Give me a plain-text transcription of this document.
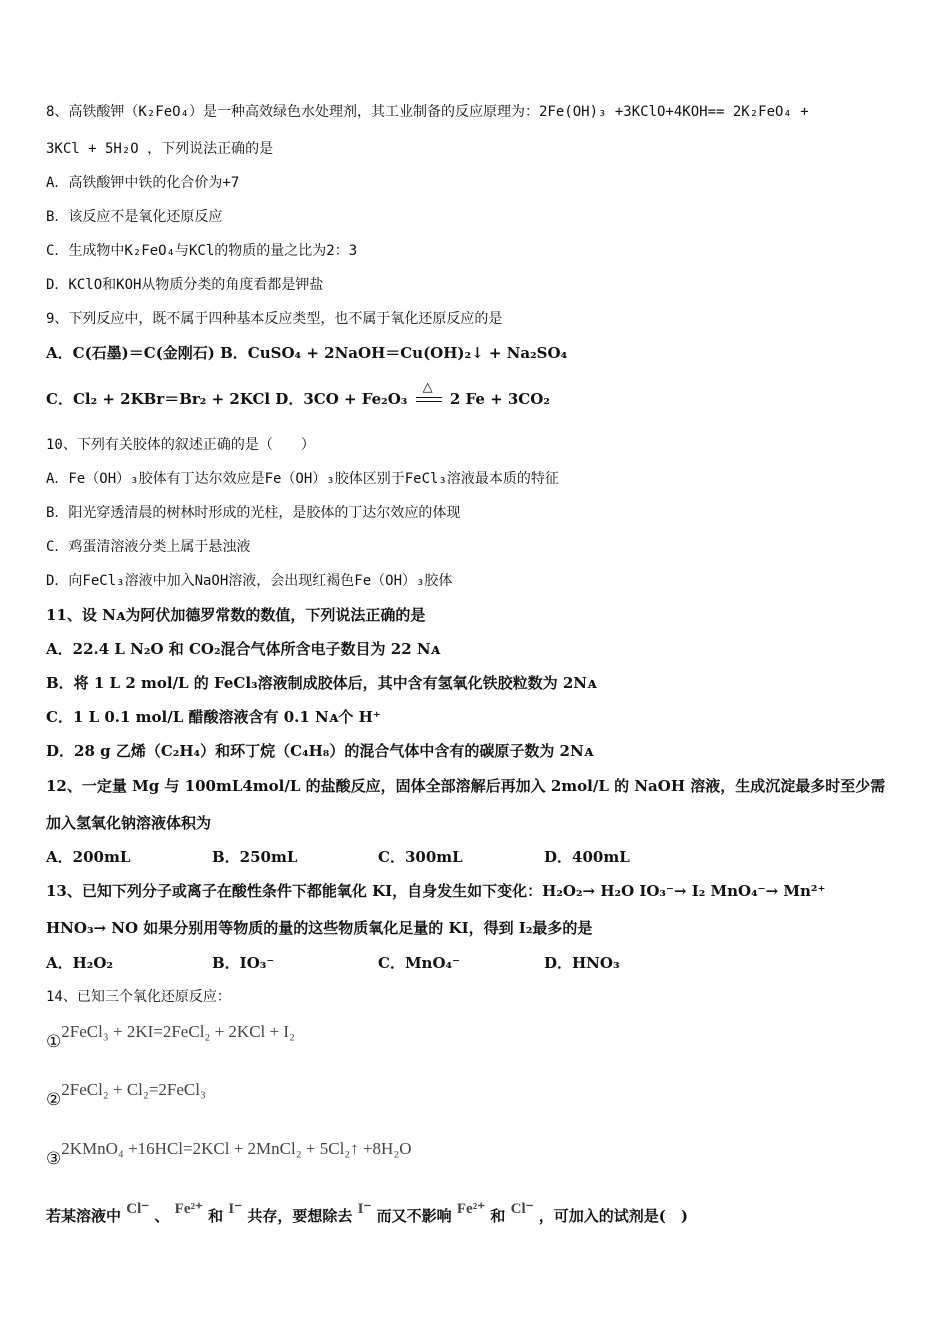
8、高铁酸钾（K₂FeO₄）是一种高效绿色水处理剂，其工业制备的反应原理为：2Fe(OH)₃ +3KClO+4KOH== 2K₂FeO₄ +
3KCl + 5H₂O ，下列说法正确的是
A．高铁酸钾中铁的化合价为+7
B．该反应不是氧化还原反应
C．生成物中K₂FeO₄与KCl的物质的量之比为2：3
D．KClO和KOH从物质分类的角度看都是钾盐
9、下列反应中，既不属于四种基本反应类型，也不属于氧化还原反应的是
A．C(石墨)＝C(金刚石) B．CuSO₄ + 2NaOH＝Cu(OH)₂↓ + Na₂SO₄
C．Cl₂ + 2KBr＝Br₂ + 2KCl D．3CO + Fe₂O₃
△
2 Fe + 3CO₂
10、下列有关胶体的叙述正确的是（　　）
A．Fe（OH）₃胶体有丁达尔效应是Fe（OH）₃胶体区别于FeCl₃溶液最本质的特征
B．阳光穿透清晨的树林时形成的光柱，是胶体的丁达尔效应的体现
C．鸡蛋清溶液分类上属于悬浊液
D．向FeCl₃溶液中加入NaOH溶液，会出现红褐色Fe（OH）₃胶体
11、设 Nᴀ为阿伏加德罗常数的数值，下列说法正确的是
A．22.4 L N₂O 和 CO₂混合气体所含电子数目为 22 Nᴀ
B．将 1 L 2 mol/L 的 FeCl₃溶液制成胶体后，其中含有氢氧化铁胶粒数为 2Nᴀ
C．1 L 0.1 mol/L 醋酸溶液含有 0.1 Nᴀ个 H⁺
D．28 g 乙烯（C₂H₄）和环丁烷（C₄H₈）的混合气体中含有的碳原子数为 2Nᴀ
12、一定量 Mg 与 100mL4mol/L 的盐酸反应，固体全部溶解后再加入 2mol/L 的 NaOH 溶液，生成沉淀最多时至少需
加入氢氧化钠溶液体积为
A．200mL	B．250mL	C．300mL	D．400mL
13、已知下列分子或离子在酸性条件下都能氧化 KI，自身发生如下变化：H₂O₂→ H₂O IO₃⁻→ I₂ MnO₄⁻→ Mn²⁺
HNO₃→ NO 如果分别用等物质的量的这些物质氧化足量的 KI，得到 I₂最多的是
A．H₂O₂	B．IO₃⁻	C．MnO₄⁻	D．HNO₃
14、已知三个氧化还原反应：
①2FeCl₃ + 2KI=2FeCl₂ + 2KCl + I₂
②2FeCl₂ + Cl₂=2FeCl₃
③2KMnO₄ +16HCl=2KCl + 2MnCl₂ + 5Cl₂↑ +8H₂O
若某溶液中 Cl⁻ 、 Fe²⁺ 和 I⁻ 共存，要想除去 I⁻ 而又不影响 Fe²⁺ 和 Cl⁻ ，可加入的试剂是(　)
